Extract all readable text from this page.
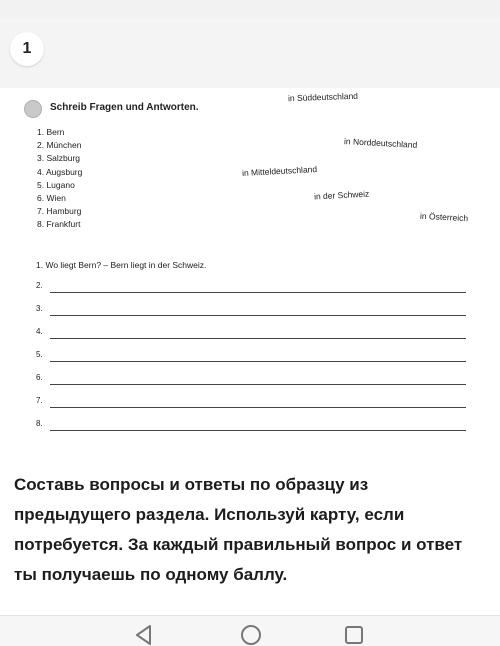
1
Schreib Fragen und Antworten.
1. Bern
2. München
3. Salzburg
4. Augsburg
5. Lugano
6. Wien
7. Hamburg
8. Frankfurt
in Süddeutschland
in Norddeutschland
in Mitteldeutschland
in der Schweiz
in Österreich
1. Wo liegt Bern? – Bern liegt in der Schweiz.
2.
3.
4.
5.
6.
7.
8.
Составь вопросы и ответы по образцу из предыдущего раздела. Используй карту, если потребуется. За каждый правильный вопрос и ответ ты получаешь по одному баллу.
